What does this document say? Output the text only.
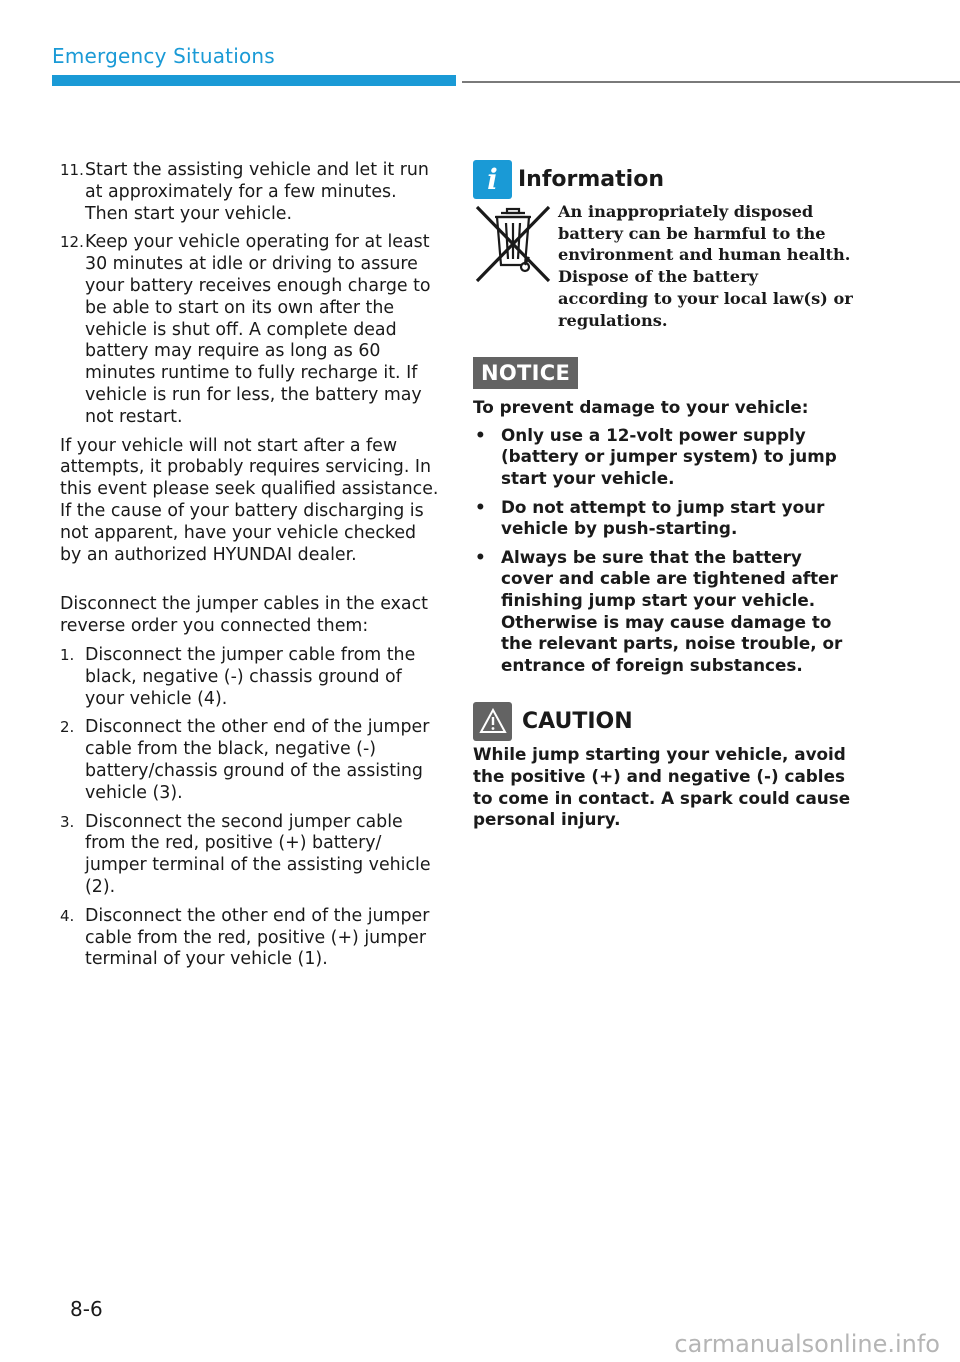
Emergency Situations
11. Start the assisting vehicle and let it run at approximately for a few minutes. Then start your vehicle.
12. Keep your vehicle operating for at least 30 minutes at idle or driving to assure your battery receives enough charge to be able to start on its own after the vehicle is shut off. A complete dead battery may require as long as 60 minutes runtime to fully recharge it. If vehicle is run for less, the battery may not restart.

If your vehicle will not start after a few attempts, it probably requires servicing. In this event please seek qualified assistance. If the cause of your battery discharging is not apparent, have your vehicle checked by an authorized HYUNDAI dealer.

Disconnect the jumper cables in the exact reverse order you connected them:

1. Disconnect the jumper cable from the black, negative (-) chassis ground of your vehicle (4).
2. Disconnect the other end of the jumper cable from the black, negative (-) battery/chassis ground of the assisting vehicle (3).
3. Disconnect the second jumper cable from the red, positive (+) battery/ jumper terminal of the assisting vehicle (2).
4. Disconnect the other end of the jumper cable from the red, positive (+) jumper terminal of your vehicle (1).
i Information
An inappropriately disposed battery can be harmful to the environment and human health. Dispose of the battery according to your local law(s) or regulations.
NOTICE
To prevent damage to your vehicle:
• Only use a 12-volt power supply (battery or jumper system) to jump start your vehicle.
• Do not attempt to jump start your vehicle by push-starting.
• Always be sure that the battery cover and cable are tightened after finishing jump start your vehicle. Otherwise is may cause damage to the relevant parts, noise trouble, or entrance of foreign substances.
CAUTION
While jump starting your vehicle, avoid the positive (+) and negative (-) cables to come in contact. A spark could cause personal injury.
8-6
carmanualsonline.info
